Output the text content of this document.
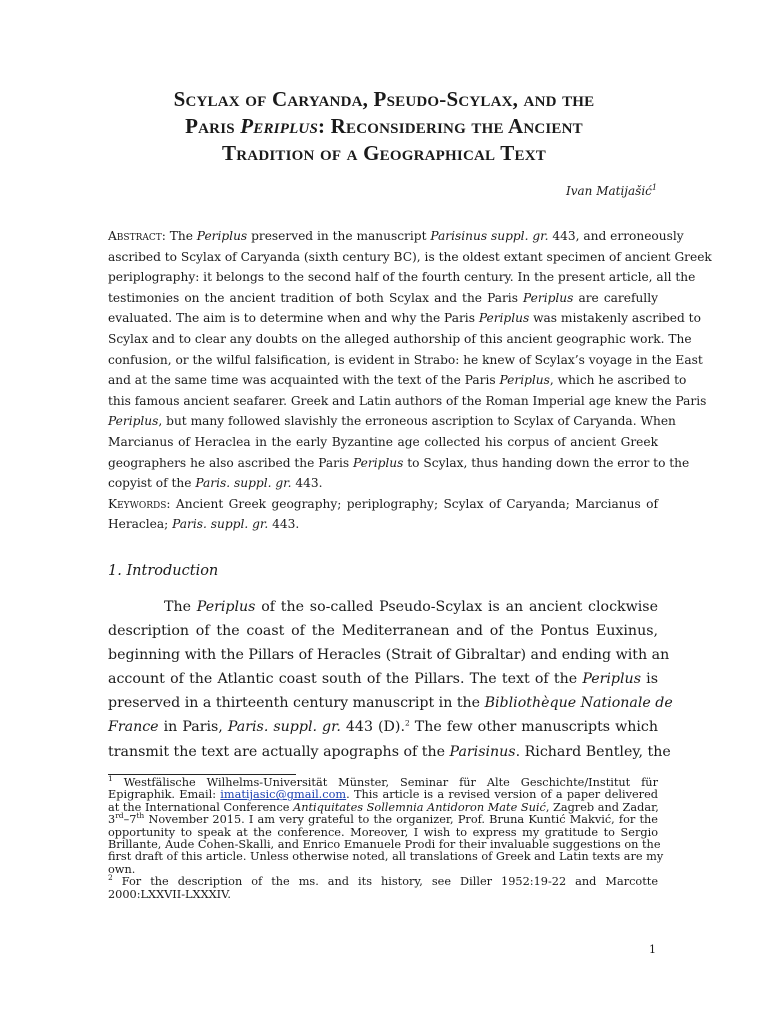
Scylax of Caryanda, Pseudo-Scylax, and the
Paris Periplus: Reconsidering the Ancient
Tradition of a Geographical Text
Ivan Matijašić$^1$
Abstract: The Periplus preserved in the manuscript Parisinus suppl. gr. 443, and erroneously
ascribed to Scylax of Caryanda (sixth century BC), is the oldest extant specimen of ancient Greek
periplography: it belongs to the second half of the fourth century. In the present article, all the
testimonies on the ancient tradition of both Scylax and the Paris Periplus are carefully
evaluated. The aim is to determine when and why the Paris Periplus was mistakenly ascribed to
Scylax and to clear any doubts on the alleged authorship of this ancient geographic work. The
confusion, or the wilful falsification, is evident in Strabo: he knew of Scylax’s voyage in the East
and at the same time was acquainted with the text of the Paris Periplus, which he ascribed to
this famous ancient seafarer. Greek and Latin authors of the Roman Imperial age knew the Paris
Periplus, but many followed slavishly the erroneous ascription to Scylax of Caryanda. When
Marcianus of Heraclea in the early Byzantine age collected his corpus of ancient Greek
geographers he also ascribed the Paris Periplus to Scylax, thus handing down the error to the
copyist of the Paris. suppl. gr. 443.
Keywords: Ancient Greek geography; periplography; Scylax of Caryanda; Marcianus of
Heraclea; Paris. suppl. gr. 443.
1. Introduction
The Periplus of the so-called Pseudo-Scylax is an ancient clockwise
description of the coast of the Mediterranean and of the Pontus Euxinus,
beginning with the Pillars of Heracles (Strait of Gibraltar) and ending with an
account of the Atlantic coast south of the Pillars. The text of the Periplus is
preserved in a thirteenth century manuscript in the Bibliothèque Nationale de
France in Paris, Paris. suppl. gr. 443 (D).$^2$ The few other manuscripts which
transmit the text are actually apographs of the Parisinus. Richard Bentley, the
$^1$ Westfälische Wilhelms-Universität Münster, Seminar für Alte Geschichte/Institut für
Epigraphik. Email: imatijasic@gmail.com. This article is a revised version of a paper delivered
at the International Conference Antiquitates Sollemnia Antidoron Mate Suić, Zagreb and Zadar,
3rd–7th November 2015. I am very grateful to the organizer, Prof. Bruna Kuntić Makvić, for the
opportunity to speak at the conference. Moreover, I wish to express my gratitude to Sergio
Brillante, Aude Cohen-Skalli, and Enrico Emanuele Prodi for their invaluable suggestions on the
first draft of this article. Unless otherwise noted, all translations of Greek and Latin texts are my
own.
$^2$ For the description of the ms. and its history, see Diller 1952:19-22 and Marcotte
2000:LXXVII-LXXXIV.
1
